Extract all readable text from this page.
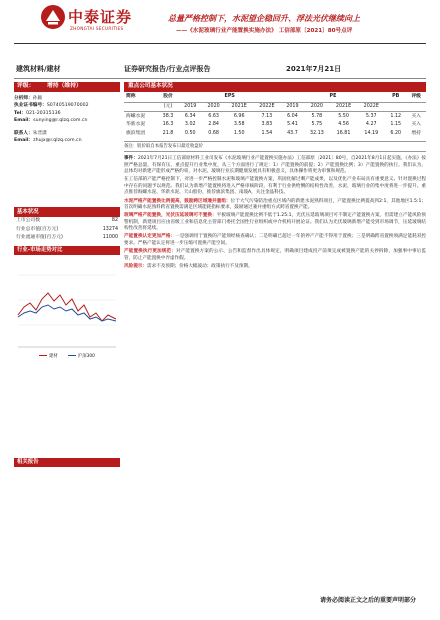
中泰证券
ZHONGTAI SECURITIES
总量严格控制下，水泥望企稳回升、浮法光伏继续向上
——《水泥玻璃行业产能置换实施办法》 工信部原〔2021〕80号点评
建筑材料/建材	证券研究报告/行业点评报告	2021年7月21日
评级：	增持（维持）
分析师： 孙颖
执业证书编号： S0740519070002
Tel： 021-20315136
Email： sunying@r.qlzq.com.cn
联系人： 朱晋潇
Email： zhujx@r.qlzq.com.cn
基本状况
上市公司数	82
行业总市值(百万元)	13274
行业流通市值(百万元)	11000
行业-市场走势对比
建材	沪深300
相关报告
重点公司基本状况
简称	股价	EPS				PE				PB	评级
	(元)	2019	2020	2021E	2022E	2019	2020	2021E	2022E		
海螺水泥	38.3	6.34	6.63	6.96	7.13	6.04	5.78	5.50	5.37	1.12	买入
华新水泥	16.3	3.02	2.84	3.58	3.83	5.41	5.75	4.56	4.27	1.15	买入
旗滨集团	21.8	0.50	0.68	1.50	1.54	43.7	32.13	16.81	14.19	6.20	增持
备注：股价取自本报告发布日最近收盘价

事件：2021年7月21日工信部原材料工业司发布《水泥玻璃行业产能置换实施办法》工信部原〔2021〕80号，自2021年8月1日起实施。《办法》按照严格总量，有保有压，重点提升行业集中度、从三个方面进行了规定：1）产能置换的前提；2）产能置换比例；3）产能置换的执行。我们认为，总体均对新建产能形成严格约束，对水泥、玻璃行业长期健康发展具有积极意义，具体操作将更为审慎和规范。

在工信部的产能严格控制下，对进一步严格控制水泥和玻璃产能置换方案，巩固化解过剩产能成果，以及优化产业布局具有重要意义。针对置换过程中存在的问题予以规范。我们认为新增产能置换将进入严格审核阶段，有利于行业供给侧的结构性改善，水泥、玻璃行业的集中度将进一步提升。重点推荐海螺水泥、华新水泥、天山股份，推荐旗滨集团、南玻A，关注金晶科技。

水泥严格产能置换比例提高，鼓励跨区域兼并重组：位于大气污染防治重点区域内的新建水泥熟料项目，产能置换比例提高到2:1，其他地区1.5:1；首次明确水泥熟料跨省置换需满足区域能耗指标要求，鼓励通过兼并重组方式跨省置换产能。

玻璃严格产能置换，光伏压延玻璃可不置换：平板玻璃产能置换比例不低于1.25:1，光伏压延玻璃项目可不制定产能置换方案，但需建立产能风险预警机制，新建项目应由省级工业和信息化主管部门委托全国性行业组织或中介机构开展论证。我们认为光伏玻璃新增产能受到市场调节，压延玻璃结构性改善将延续。

产能置换认定更加严格：一是强调用于置换的产能须经核查确认；二是明确已超过一年的停产产能不得用于置换；三是明确跨省置换须满足能耗双控要求。严格产能认定将进一步压缩可置换产能空间。

产能置换执行更加规范：对产能置换方案的公示、公告和监督作出具体规定，明确项目建成投产前须完成被置换产能的关停拆除，加强事中事后监管，防止产能置换中弄虚作假。

风险提示：需求不及预期；价格大幅波动；政策执行不及预期。

请务必阅读正文之后的重要声明部分
